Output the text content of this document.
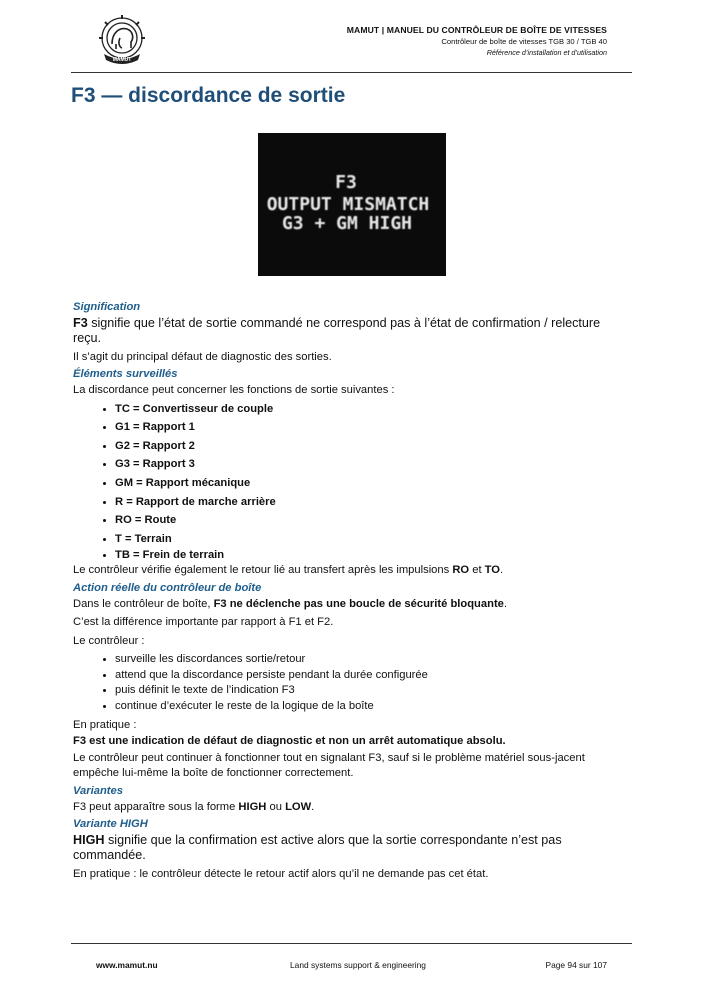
MAMUT
MAMUT | MANUEL DU CONTRÔLEUR DE BOÎTE DE VITESSES
Contrôleur de boîte de vitesses TGB 30 / TGB 40
Référence d’installation et d’utilisation
F3 — discordance de sortie
F3
OUTPUT MISMATCH
G3 + GM HIGH
Signification

F3 signifie que l’état de sortie commandé ne correspond pas à l’état de confirmation / relecture reçu.

Il s’agit du principal défaut de diagnostic des sorties.

Éléments surveillés

La discordance peut concerner les fonctions de sortie suivantes :

• TC = Convertisseur de couple
• G1 = Rapport 1
• G2 = Rapport 2
• G3 = Rapport 3
• GM = Rapport mécanique
• R = Rapport de marche arrière
• RO = Route
• T = Terrain
• TB = Frein de terrain

Le contrôleur vérifie également le retour lié au transfert après les impulsions RO et TO.

Action réelle du contrôleur de boîte

Dans le contrôleur de boîte, F3 ne déclenche pas une boucle de sécurité bloquante.

C’est la différence importante par rapport à F1 et F2.

Le contrôleur :

• surveille les discordances sortie/retour
• attend que la discordance persiste pendant la durée configurée
• puis définit le texte de l’indication F3
• continue d’exécuter le reste de la logique de la boîte

En pratique :

F3 est une indication de défaut de diagnostic et non un arrêt automatique absolu.

Le contrôleur peut continuer à fonctionner tout en signalant F3, sauf si le problème matériel sous-jacent empêche lui-même la boîte de fonctionner correctement.

Variantes

F3 peut apparaître sous la forme HIGH ou LOW.

Variante HIGH

HIGH signifie que la confirmation est active alors que la sortie correspondante n’est pas commandée.

En pratique : le contrôleur détecte le retour actif alors qu’il ne demande pas cet état.

www.mamut.nu	Land systems support & engineering	Page 94 sur 107
